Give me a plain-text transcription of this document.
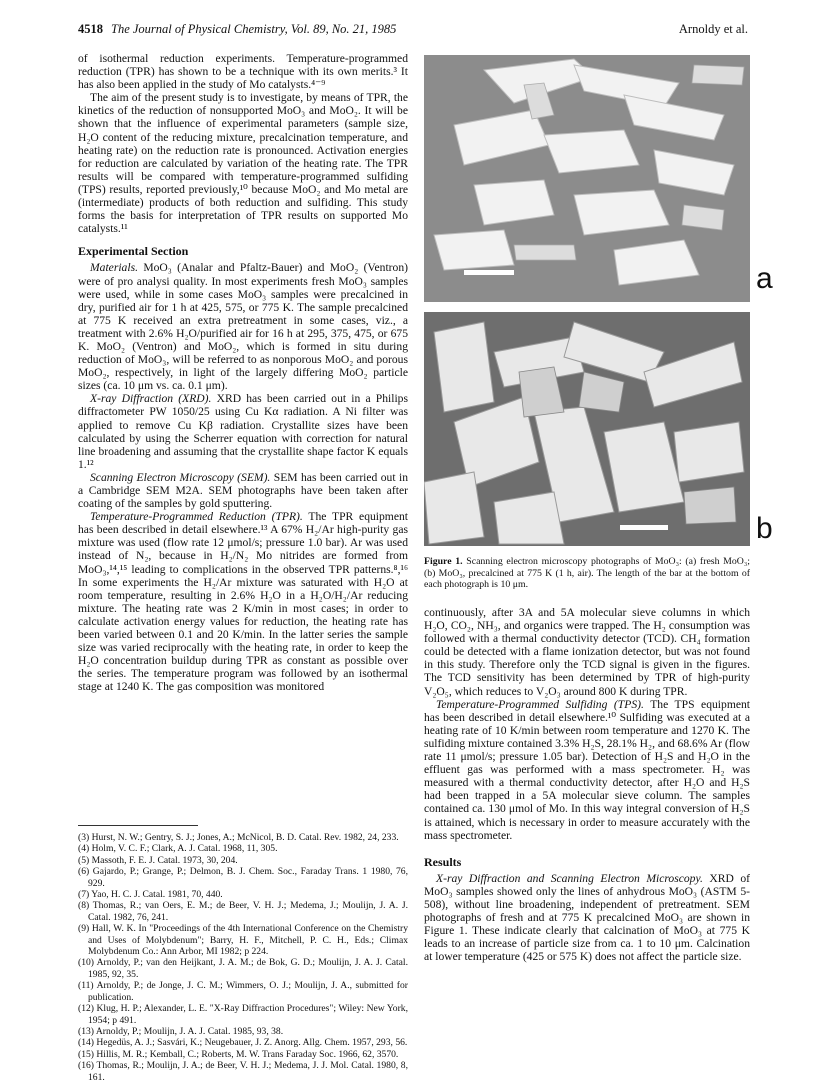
4518 The Journal of Physical Chemistry, Vol. 89, No. 21, 1985	Arnoldy et al.

of isothermal reduction experiments. Temperature-programmed reduction (TPR) has shown to be a technique with its own merits.³ It has also been applied in the study of Mo catalysts.⁴⁻⁹

The aim of the present study is to investigate, by means of TPR, the kinetics of the reduction of nonsupported MoO₃ and MoO₂. It will be shown that the influence of experimental parameters (sample size, H₂O content of the reducing mixture, precalcination temperature, and heating rate) on the reduction rate is pronounced. Activation energies for reduction are calculated by variation of the heating rate. The TPR results will be compared with temperature-programmed sulfiding (TPS) results, reported previously,¹⁰ because MoO₂ and Mo metal are (intermediate) products of both reduction and sulfiding. This study forms the basis for interpretation of TPR results on supported Mo catalysts.¹¹

Experimental Section

Materials. MoO₃ (Analar and Pfaltz-Bauer) and MoO₂ (Ventron) were of pro analysi quality. In most experiments fresh MoO₃ samples were used, while in some cases MoO₃ samples were precalcined in dry, purified air for 1 h at 425, 575, or 775 K. The sample precalcined at 775 K received an extra pretreatment in some cases, viz., a treatment with 2.6% H₂O/purified air for 16 h at 295, 375, 475, or 675 K. MoO₂ (Ventron) and MoO₂, which is formed in situ during reduction of MoO₃, will be referred to as nonporous MoO₂ and porous MoO₂, respectively, in light of the largely differing MoO₂ particle sizes (ca. 10 μm vs. ca. 0.1 μm).

X-ray Diffraction (XRD). XRD has been carried out in a Philips diffractometer PW 1050/25 using Cu Kα radiation. A Ni filter was applied to remove Cu Kβ radiation. Crystallite sizes have been calculated by using the Scherrer equation with correction for natural line broadening and assuming that the crystallite shape factor K equals 1.¹²

Scanning Electron Microscopy (SEM). SEM has been carried out in a Cambridge SEM M2A. SEM photographs have been taken after coating of the samples by gold sputtering.

Temperature-Programmed Reduction (TPR). The TPR equipment has been described in detail elsewhere.¹³ A 67% H₂/Ar high-purity gas mixture was used (flow rate 12 μmol/s; pressure 1.0 bar). Ar was used instead of N₂, because in H₂/N₂ Mo nitrides are formed from MoO₃,¹⁴,¹⁵ leading to complications in the observed TPR patterns.⁸,¹⁶ In some experiments the H₂/Ar mixture was saturated with H₂O at room temperature, resulting in 2.6% H₂O in a H₂O/H₂/Ar reducing mixture. The heating rate was 2 K/min in most cases; in order to calculate activation energy values for reduction, the heating rate has been varied between 0.1 and 20 K/min. In the latter series the sample size was varied reciprocally with the heating rate, in order to keep the H₂O concentration buildup during TPR as constant as possible over the series. The temperature program was followed by an isothermal stage at 1240 K. The gas composition was monitored

(3) Hurst, N. W.; Gentry, S. J.; Jones, A.; McNicol, B. D. Catal. Rev. 1982, 24, 233.

(4) Holm, V. C. F.; Clark, A. J. Catal. 1968, 11, 305.

(5) Massoth, F. E. J. Catal. 1973, 30, 204.

(6) Gajardo, P.; Grange, P.; Delmon, B. J. Chem. Soc., Faraday Trans. 1 1980, 76, 929.

(7) Yao, H. C. J. Catal. 1981, 70, 440.

(8) Thomas, R.; van Oers, E. M.; de Beer, V. H. J.; Medema, J.; Moulijn, J. A. J. Catal. 1982, 76, 241.

(9) Hall, W. K. In "Proceedings of the 4th International Conference on the Chemistry and Uses of Molybdenum"; Barry, H. F., Mitchell, P. C. H., Eds.; Climax Molybdenum Co.: Ann Arbor, MI 1982; p 224.

(10) Arnoldy, P.; van den Heijkant, J. A. M.; de Bok, G. D.; Moulijn, J. A. J. Catal. 1985, 92, 35.

(11) Arnoldy, P.; de Jonge, J. C. M.; Wimmers, O. J.; Moulijn, J. A., submitted for publication.

(12) Klug, H. P.; Alexander, L. E. "X-Ray Diffraction Procedures"; Wiley: New York, 1954; p 491.

(13) Arnoldy, P.; Moulijn, J. A. J. Catal. 1985, 93, 38.

(14) Hegedüs, A. J.; Sasvári, K.; Neugebauer, J. Z. Anorg. Allg. Chem. 1957, 293, 56.

(15) Hillis, M. R.; Kemball, C.; Roberts, M. W. Trans Faraday Soc. 1966, 62, 3570.

(16) Thomas, R.; Moulijn, J. A.; de Beer, V. H. J.; Medema, J. J. Mol. Catal. 1980, 8, 161.

a
b
Figure 1. Scanning electron microscopy photographs of MoO₃: (a) fresh MoO₃; (b) MoO₃, precalcined at 775 K (1 h, air). The length of the bar at the bottom of each photograph is 10 μm.

continuously, after 3A and 5A molecular sieve columns in which H₂O, CO₂, NH₃, and organics were trapped. The H₂ consumption was followed with a thermal conductivity detector (TCD). CH₄ formation could be detected with a flame ionization detector, but was not found in this study. Therefore only the TCD signal is given in the figures. The TCD sensitivity has been determined by TPR of high-purity V₂O₅, which reduces to V₂O₃ around 800 K during TPR.

Temperature-Programmed Sulfiding (TPS). The TPS equipment has been described in detail elsewhere.¹⁰ Sulfiding was executed at a heating rate of 10 K/min between room temperature and 1270 K. The sulfiding mixture contained 3.3% H₂S, 28.1% H₂, and 68.6% Ar (flow rate 11 μmol/s; pressure 1.05 bar). Detection of H₂S and H₂O in the effluent gas was performed with a mass spectrometer. H₂ was measured with a thermal conductivity detector, after H₂O and H₂S had been trapped in a 5A molecular sieve column. The samples contained ca. 130 μmol of Mo. In this way integral conversion of H₂S is attained, which is necessary in order to measure accurately with the mass spectrometer.

Results

X-ray Diffraction and Scanning Electron Microscopy. XRD of MoO₃ samples showed only the lines of anhydrous MoO₃ (ASTM 5-508), without line broadening, independent of pretreatment. SEM photographs of fresh and at 775 K precalcined MoO₃ are shown in Figure 1. These indicate clearly that calcination of MoO₃ at 775 K leads to an increase of particle size from ca. 1 to 10 μm. Calcination at lower temperature (425 or 575 K) does not affect the particle size.
